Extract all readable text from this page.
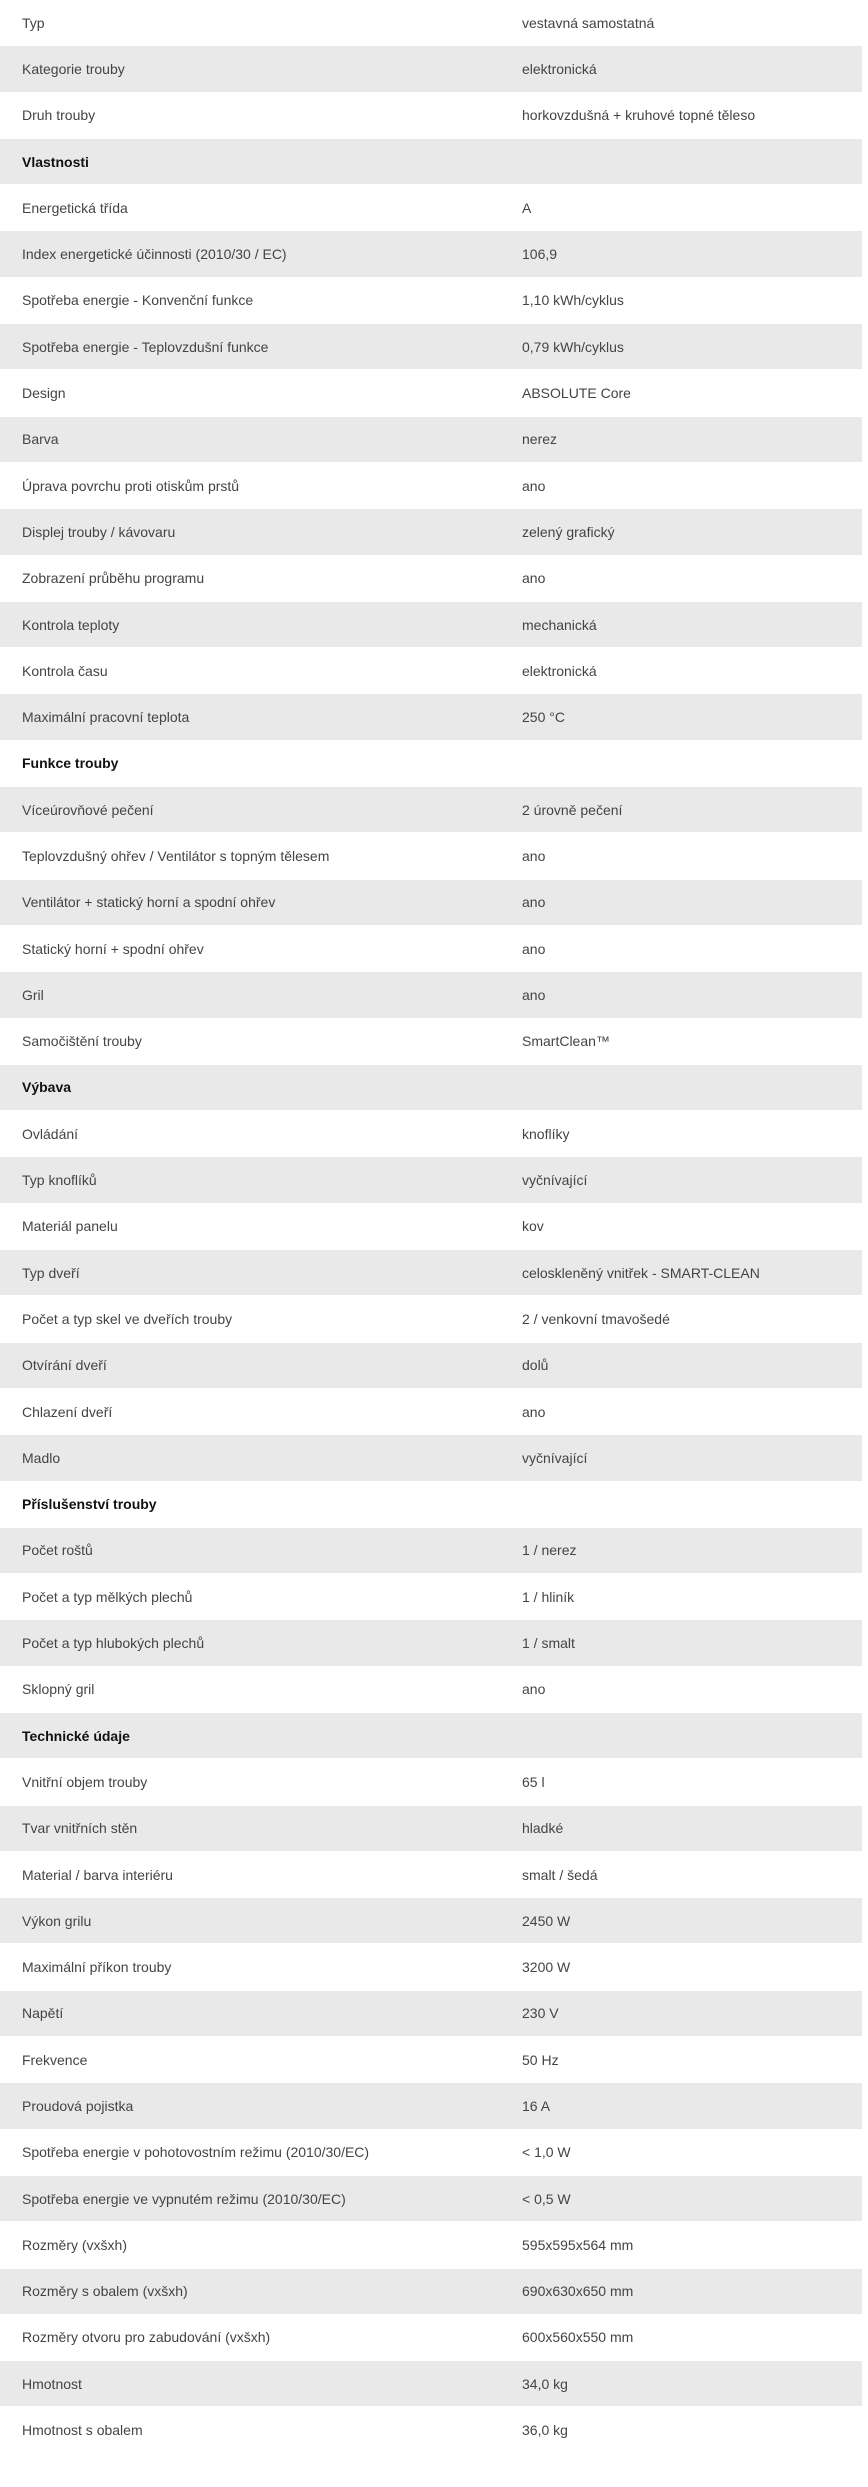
Typ	vestavná samostatná
Kategorie trouby	elektronická
Druh trouby	horkovzdušná + kruhové topné těleso
Vlastnosti
Energetická třída	A
Index energetické účinnosti (2010/30 / EC)	106,9
Spotřeba energie - Konvenční funkce	1,10 kWh/cyklus
Spotřeba energie - Teplovzdušní funkce	0,79 kWh/cyklus
Design	ABSOLUTE Core
Barva	nerez
Úprava povrchu proti otiskům prstů	ano
Displej trouby / kávovaru	zelený grafický
Zobrazení průběhu programu	ano
Kontrola teploty	mechanická
Kontrola času	elektronická
Maximální pracovní teplota	250 °C
Funkce trouby
Víceúrovňové pečení	2 úrovně pečení
Teplovzdušný ohřev / Ventilátor s topným tělesem	ano
Ventilátor + statický horní a spodní ohřev	ano
Statický horní + spodní ohřev	ano
Gril	ano
Samočištění trouby	SmartClean™
Výbava
Ovládání	knoflíky
Typ knoflíků	vyčnívající
Materiál panelu	kov
Typ dveří	celoskleněný vnitřek - SMART-CLEAN
Počet a typ skel ve dveřích trouby	2 / venkovní tmavošedé
Otvírání dveří	dolů
Chlazení dveří	ano
Madlo	vyčnívající
Příslušenství trouby
Počet roštů	1 / nerez
Počet a typ mělkých plechů	1 / hliník
Počet a typ hlubokých plechů	1 / smalt
Sklopný gril	ano
Technické údaje
Vnitřní objem trouby	65 l
Tvar vnitřních stěn	hladké
Material / barva interiéru	smalt / šedá
Výkon grilu	2450 W
Maximální příkon trouby	3200 W
Napětí	230 V
Frekvence	50 Hz
Proudová pojistka	16 A
Spotřeba energie v pohotovostním režimu (2010/30/EC)	< 1,0 W
Spotřeba energie ve vypnutém režimu (2010/30/EC)	< 0,5 W
Rozměry (vxšxh)	595x595x564 mm
Rozměry s obalem (vxšxh)	690x630x650 mm
Rozměry otvoru pro zabudování (vxšxh)	600x560x550 mm
Hmotnost	34,0 kg
Hmotnost s obalem	36,0 kg
